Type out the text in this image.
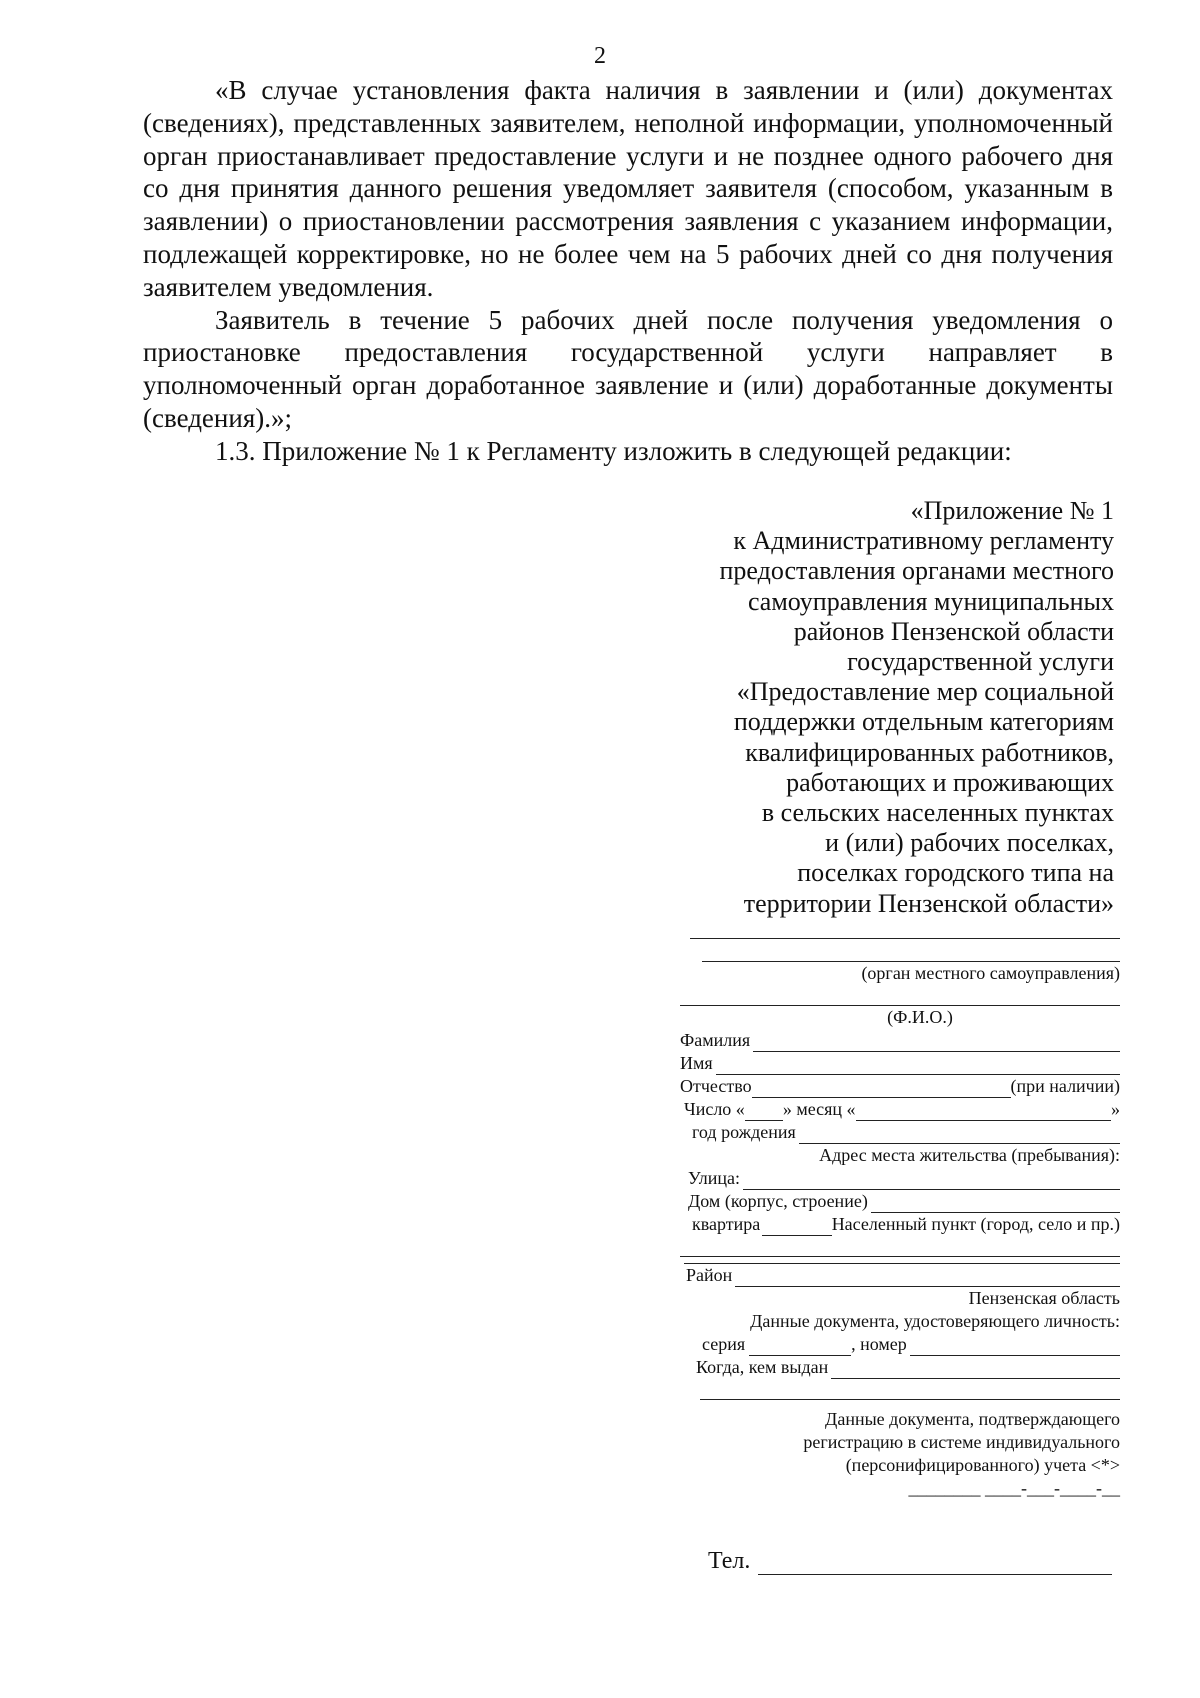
2

«В случае установления факта наличия в заявлении и (или) документах (сведениях), представленных заявителем, неполной информации, уполномоченный орган приостанавливает предоставление услуги и не позднее одного рабочего дня со дня принятия данного решения уведомляет заявителя (способом, указанным в заявлении) о приостановлении рассмотрения заявления с указанием информации, подлежащей корректировке, но не более чем на 5 рабочих дней со дня получения заявителем уведомления.

Заявитель в течение 5 рабочих дней после получения уведомления о приостановке предоставления государственной услуги направляет в уполномоченный орган доработанное заявление и (или) доработанные документы (сведения).»;

1.3. Приложение № 1 к Регламенту изложить в следующей редакции:

«Приложение № 1
к Административному регламенту
предоставления органами местного
самоуправления муниципальных
районов Пензенской области
государственной услуги
«Предоставление мер социальной
поддержки отдельным категориям
квалифицированных работников,
работающих и проживающих
в сельских населенных пунктах
и (или) рабочих поселках,
поселках городского типа на
территории Пензенской области»
(орган местного самоуправления)
(Ф.И.О.)
Фамилия
Имя
Отчество	(при наличии)
Число « » месяц «	»
год рождения
Адрес места жительства (пребывания):
Улица:
Дом (корпус, строение)
квартира	Населенный пункт (город, село и пр.)
Район
Пензенская область
Данные документа, удостоверяющего личность:
серия	, номер
Когда, кем выдан
Данные документа, подтверждающего
регистрацию в системе индивидуального
(персонифицированного) учета <*>
________ ____-___-____-__
Тел.
